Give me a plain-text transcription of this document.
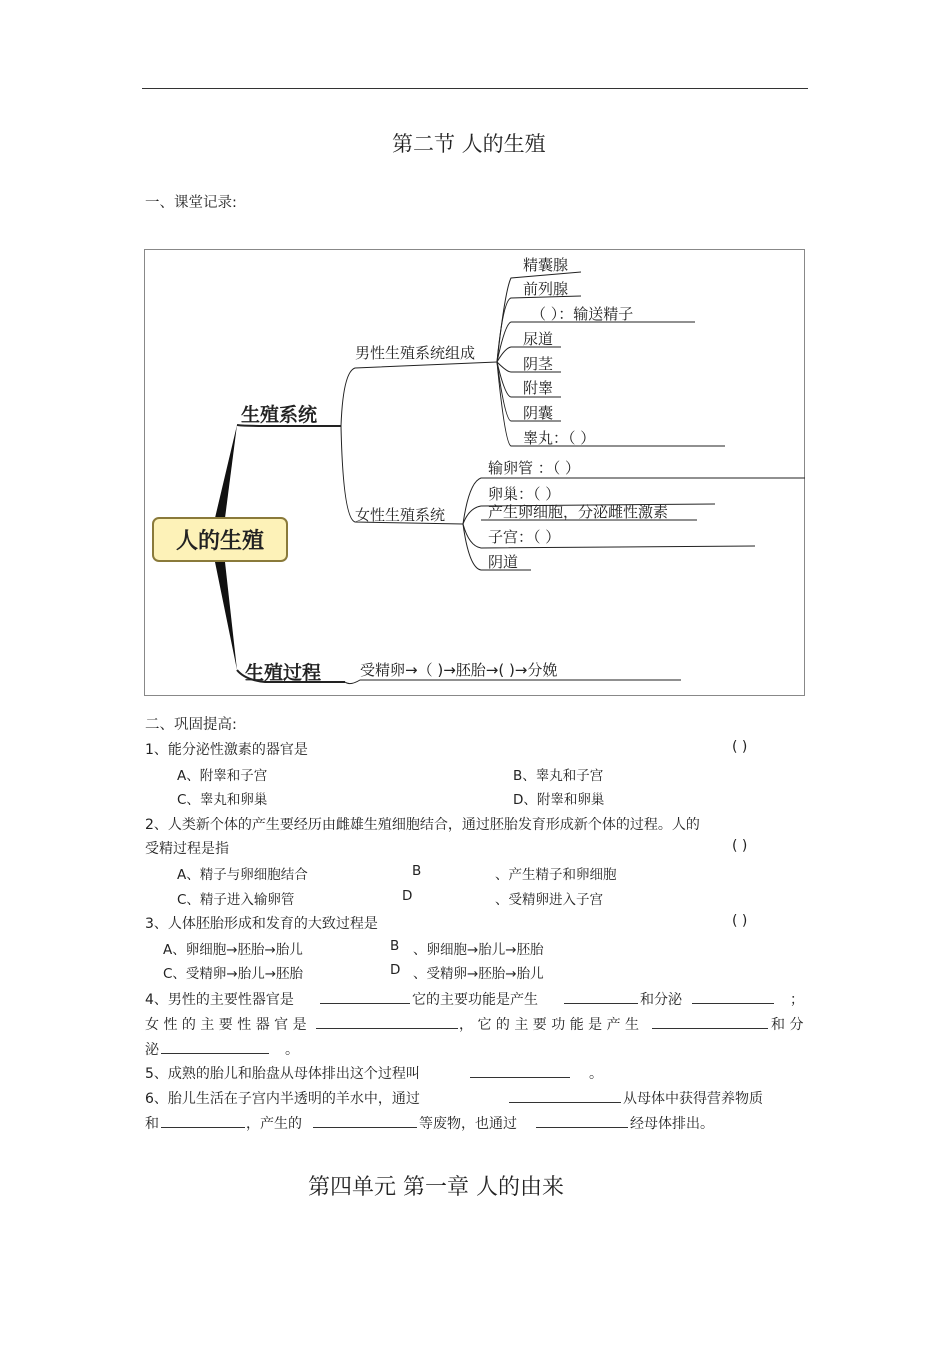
第二节 人的生殖
一、课堂记录:
人的生殖
生殖系统
生殖过程
男性生殖系统组成
女性生殖系统
精囊腺
前列腺
（ ）：输送精子
尿道
阴茎
附睾
阴囊
睾丸：（ ）
输卵管 ：（ ）
卵巢：（ ）
产生卵细胞，分泌雌性激素
子宫：（ ）
阴道
受精卵→（ )→胚胎→( )→分娩
二、巩固提高:
1、能分泌性激素的器官是	( )
A、附睾和子宫	B、睾丸和子宫
C、睾丸和卵巢	D、附睾和卵巢
2、人类新个体的产生要经历由雌雄生殖细胞结合，通过胚胎发育形成新个体的过程。人的
受精过程是指	( )
A、精子与卵细胞结合	B	、产生精子和卵细胞
C、精子进入输卵管	D	、受精卵进入子宫
3、人体胚胎形成和发育的大致过程是	( )
A、卵细胞→胚胎→胎儿	B 、卵细胞→胎儿→胚胎
C、受精卵→胎儿→胚胎	D 、受精卵→胚胎→胎儿
4、男性的主要性器官是	它的主要功能是产生	和分泌	；
女 性 的 主 要 性 器 官 是	， 它 的 主 要 功 能 是 产 生	和 分
泌	。
5、成熟的胎儿和胎盘从母体排出这个过程叫	。
6、胎儿生活在子宫内半透明的羊水中，通过	从母体中获得营养物质
和	，产生的	等废物，也通过	经母体排出。
第四单元 第一章 人的由来
